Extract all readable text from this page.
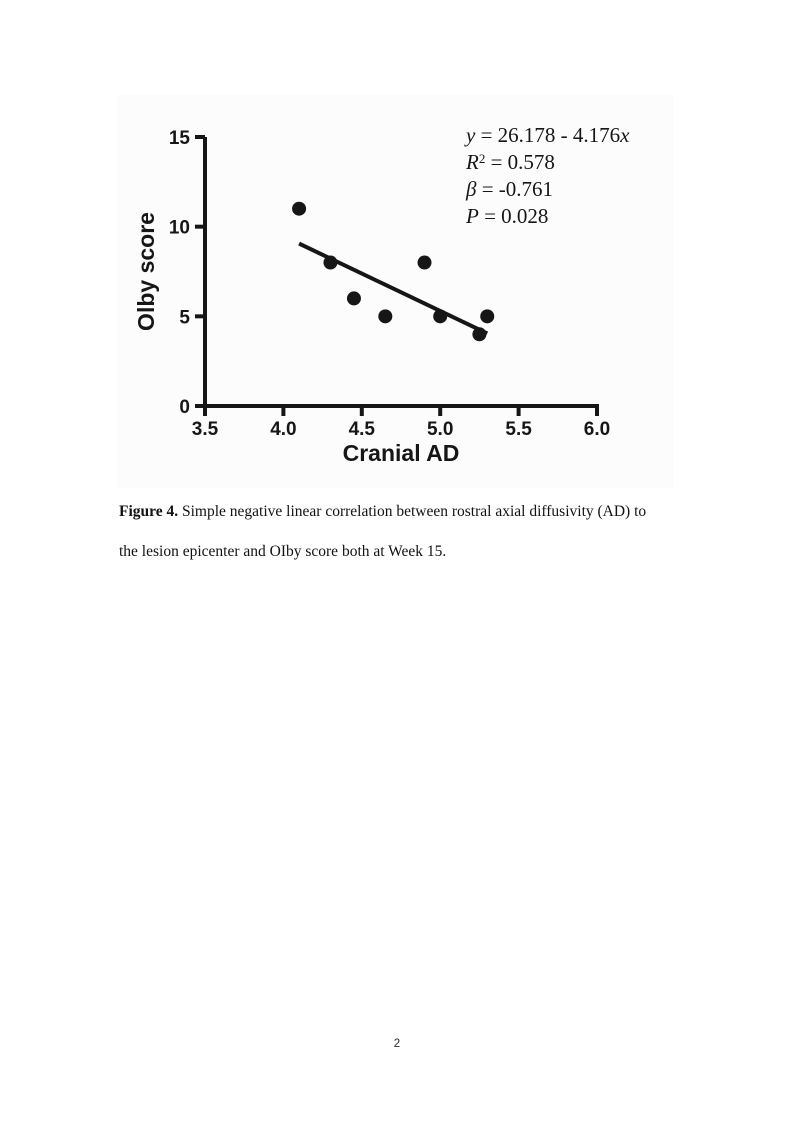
0
5
10
15
3.5	4.0	4.5	5.0	5.5	6.0
Cranial AD
Olby score
y = 26.178 - 4.176x
$R^2 = 0.578$
β = -0.761
P = 0.028
Figure 4. Simple negative linear correlation between rostral axial diffusivity (AD) to
the lesion epicenter and OIby score both at Week 15.
2
